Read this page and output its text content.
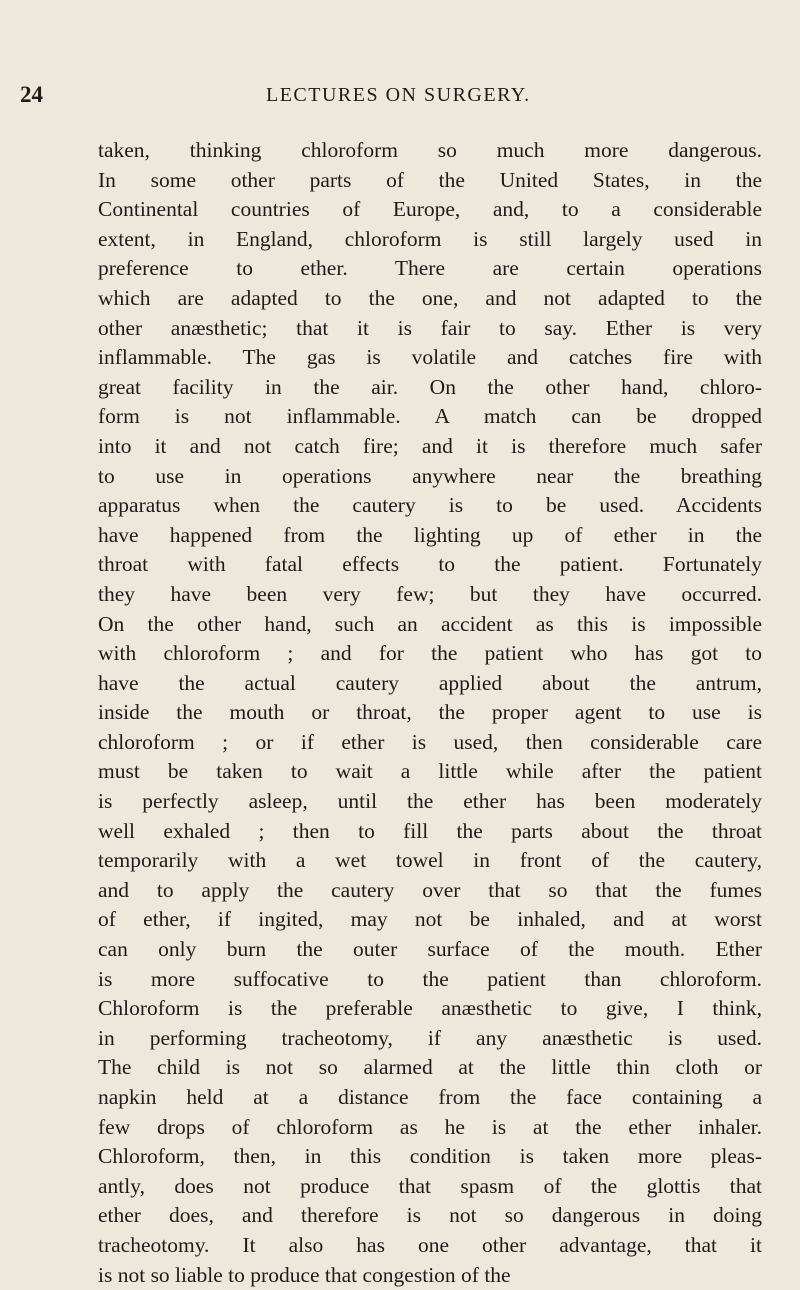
24	LECTURES ON SURGERY.
taken, thinking chloroform so much more dangerous.
In some other parts of the United States, in the
Continental countries of Europe, and, to a considerable
extent, in England, chloroform is still largely used in
preference to ether. There are certain operations
which are adapted to the one, and not adapted to the
other anæsthetic; that it is fair to say. Ether is very
inflammable. The gas is volatile and catches fire with
great facility in the air. On the other hand, chloro-
form is not inflammable. A match can be dropped
into it and not catch fire; and it is therefore much safer
to use in operations anywhere near the breathing
apparatus when the cautery is to be used. Accidents
have happened from the lighting up of ether in the
throat with fatal effects to the patient. Fortunately
they have been very few; but they have occurred.
On the other hand, such an accident as this is impossible
with chloroform ; and for the patient who has got to
have the actual cautery applied about the antrum,
inside the mouth or throat, the proper agent to use is
chloroform ; or if ether is used, then considerable care
must be taken to wait a little while after the patient
is perfectly asleep, until the ether has been moderately
well exhaled ; then to fill the parts about the throat
temporarily with a wet towel in front of the cautery,
and to apply the cautery over that so that the fumes
of ether, if ingited, may not be inhaled, and at worst
can only burn the outer surface of the mouth. Ether
is more suffocative to the patient than chloroform.
Chloroform is the preferable anæsthetic to give, I think,
in performing tracheotomy, if any anæsthetic is used.
The child is not so alarmed at the little thin cloth or
napkin held at a distance from the face containing a
few drops of chloroform as he is at the ether inhaler.
Chloroform, then, in this condition is taken more pleas-
antly, does not produce that spasm of the glottis that
ether does, and therefore is not so dangerous in doing
tracheotomy. It also has one other advantage, that it
is not so liable to produce that congestion of the
